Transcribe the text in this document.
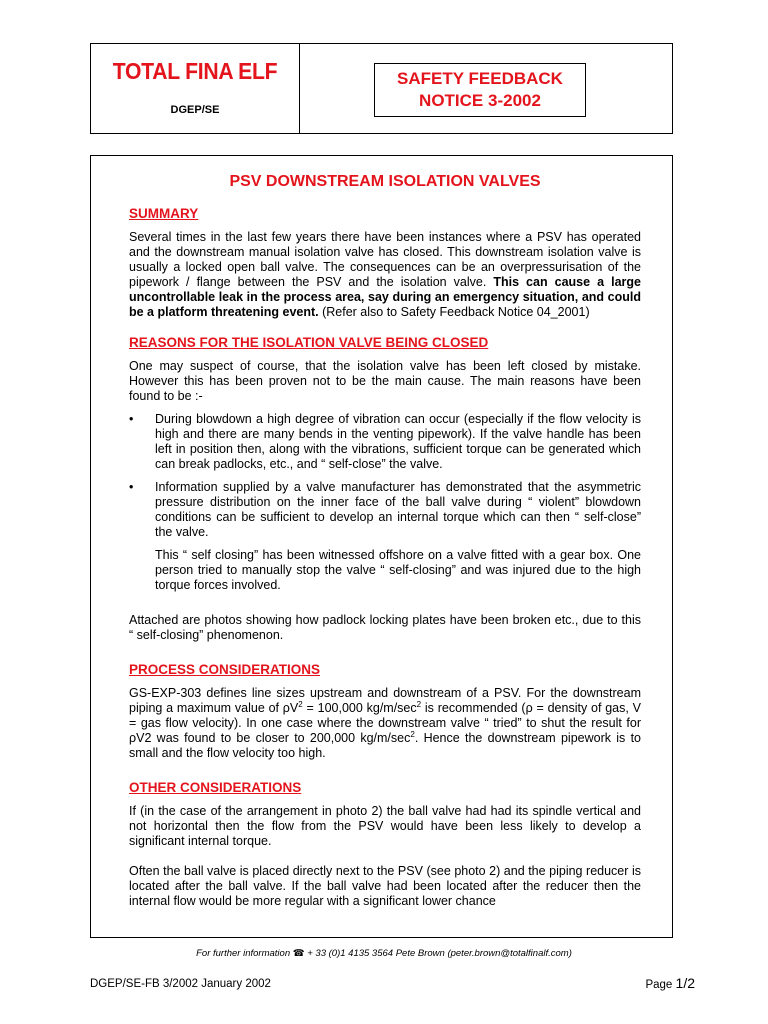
TOTAL FINA ELF
DGEP/SE
SAFETY FEEDBACK
NOTICE 3-2002
PSV DOWNSTREAM ISOLATION VALVES
SUMMARY

Several times in the last few years there have been instances where a PSV has operated and the downstream manual isolation valve has closed. This downstream isolation valve is usually a locked open ball valve. The consequences can be an overpressurisation of the pipework / flange between the PSV and the isolation valve. This can cause a large uncontrollable leak in the process area, say during an emergency situation, and could be a platform threatening event. (Refer also to Safety Feedback Notice 04_2001)

REASONS FOR THE ISOLATION VALVE BEING CLOSED

One may suspect of course, that the isolation valve has been left closed by mistake. However this has been proven not to be the main cause. The main reasons have been found to be :-

• During blowdown a high degree of vibration can occur (especially if the flow velocity is high and there are many bends in the venting pipework). If the valve handle has been left in position then, along with the vibrations, sufficient torque can be generated which can break padlocks, etc., and “ self-close” the valve.
• Information supplied by a valve manufacturer has demonstrated that the asymmetric pressure distribution on the inner face of the ball valve during “ violent” blowdown conditions can be sufficient to develop an internal torque which can then “ self-close” the valve.

This “ self closing” has been witnessed offshore on a valve fitted with a gear box. One person tried to manually stop the valve “ self-closing” and was injured due to the high torque forces involved.

Attached are photos showing how padlock locking plates have been broken etc., due to this “ self-closing” phenomenon.

PROCESS CONSIDERATIONS

GS-EXP-303 defines line sizes upstream and downstream of a PSV. For the downstream piping a maximum value of $\rho V^2 = 100,000$ $kg/m/\sec^2$ is recommended (ρ = density of gas, V = gas flow velocity). In one case where the downstream valve “ tried” to shut the result for ρV2 was found to be closer to 200,000 $kg/m/\sec^2$. Hence the downstream pipework is to small and the flow velocity too high.

OTHER CONSIDERATIONS

If (in the case of the arrangement in photo 2) the ball valve had had its spindle vertical and not horizontal then the flow from the PSV would have been less likely to develop a significant internal torque.

Often the ball valve is placed directly next to the PSV (see photo 2) and the piping reducer is located after the ball valve. If the ball valve had been located after the reducer then the internal flow would be more regular with a significant lower chance

For further information ☎ + 33 (0)1 4135 3564 Pete Brown (peter.brown@totalfinalf.com)
DGEP/SE-FB 3/2002 January 2002	Page 1/2
